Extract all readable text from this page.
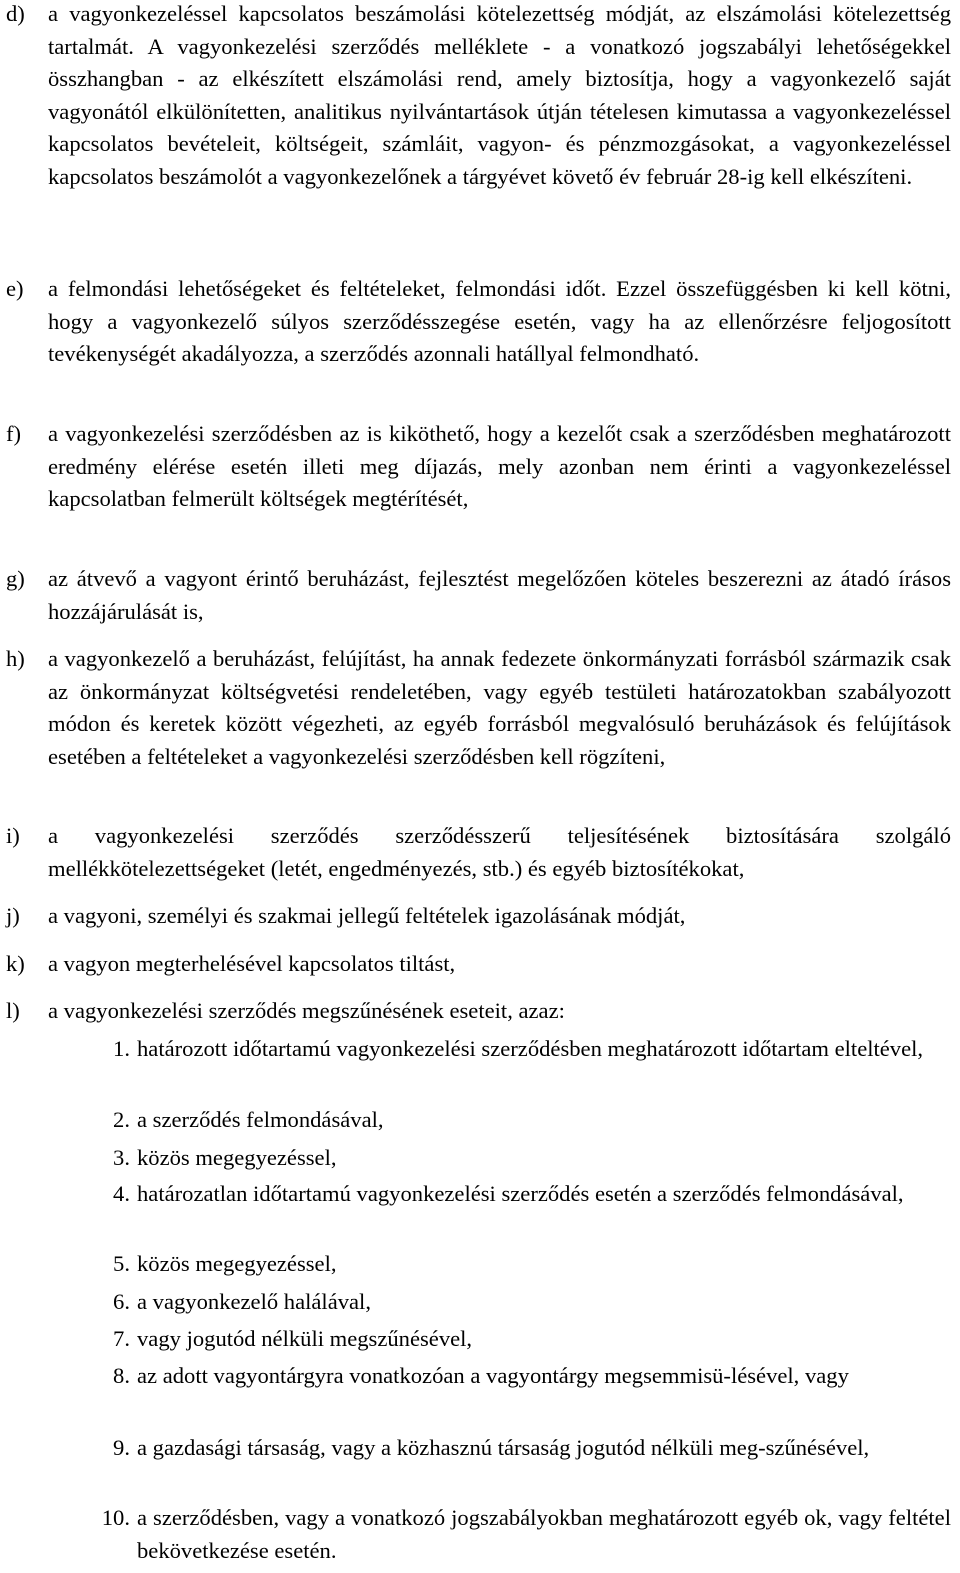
d)	a vagyonkezeléssel kapcsolatos beszámolási kötelezettség módját, az elszámolási kötelezettség tartalmát. A vagyonkezelési szerződés melléklete - a vonatkozó jogszabályi lehetőségekkel összhangban - az elkészített elszámolási rend, amely biztosítja, hogy a vagyonkezelő saját vagyonától elkülönítetten, analitikus nyilvántartások útján tételesen kimutassa a vagyonkezeléssel kapcsolatos bevételeit, költségeit, számláit, vagyon- és pénzmozgásokat, a vagyonkezeléssel kapcsolatos beszámolót a vagyonkezelőnek a tárgyévet követő év február 28-ig kell elkészíteni.
e)	a felmondási lehetőségeket és feltételeket, felmondási időt. Ezzel összefüggésben ki kell kötni, hogy a vagyonkezelő súlyos szerződésszegése esetén, vagy ha az ellenőrzésre feljogosított tevékenységét akadályozza, a szerződés azonnali hatállyal felmondható.
f)	a vagyonkezelési szerződésben az is kiköthető, hogy a kezelőt csak a szerződésben meghatározott eredmény elérése esetén illeti meg díjazás, mely azonban nem érinti a vagyonkezeléssel kapcsolatban felmerült költségek megtérítését,
g)	az átvevő a vagyont érintő beruházást, fejlesztést megelőzően köteles beszerezni az átadó írásos hozzájárulását is,
h)	a vagyonkezelő a beruházást, felújítást, ha annak fedezete önkormányzati forrásból származik csak az önkormányzat költségvetési rendeletében, vagy egyéb testületi határozatokban szabályozott módon és keretek között végezheti, az egyéb forrásból megvalósuló beruházások és felújítások esetében a feltételeket a vagyonkezelési szerződésben kell rögzíteni,
i)	a vagyonkezelési szerződés szerződésszerű teljesítésének biztosítására szolgáló mellékkötelezettségeket (letét, engedményezés, stb.) és egyéb biztosítékokat,
j)	a vagyoni, személyi és szakmai jellegű feltételek igazolásának módját,
k)	a vagyon megterhelésével kapcsolatos tiltást,
l)	a vagyonkezelési szerződés megszűnésének eseteit, azaz:
1. határozott időtartamú vagyonkezelési szerződésben meghatározott időtartam elteltével,
2. a szerződés felmondásával,
3. közös megegyezéssel,
4. határozatlan időtartamú vagyonkezelési szerződés esetén a szerződés felmondásával,
5. közös megegyezéssel,
6. a vagyonkezelő halálával,
7. vagy jogutód nélküli megszűnésével,
8. az adott vagyontárgyra vonatkozóan a vagyontárgy megsemmisü-lésével, vagy
9. a gazdasági társaság, vagy a közhasznú társaság jogutód nélküli meg-szűnésével,
10. a szerződésben, vagy a vonatkozó jogszabályokban meghatározott egyéb ok, vagy feltétel bekövetkezése esetén.
